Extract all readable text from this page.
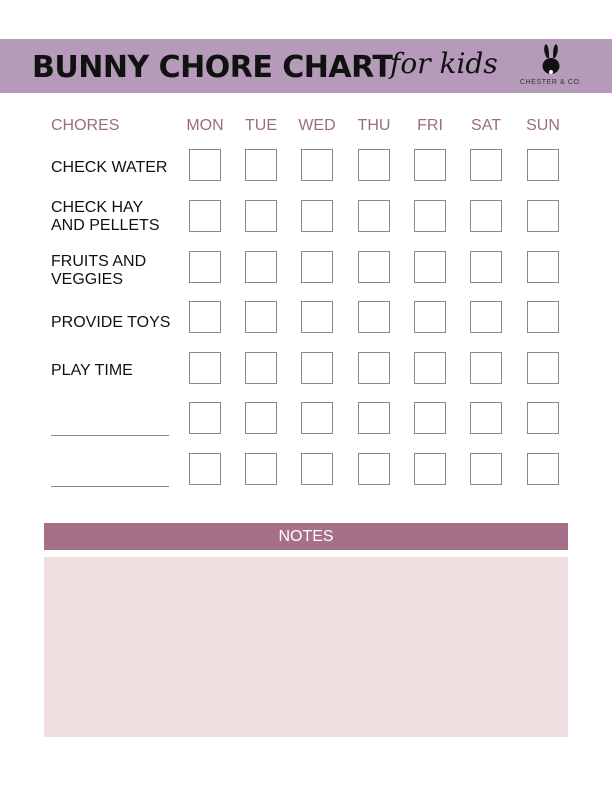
BUNNY CHORE CHART
for kids
CHESTER & CO.
CHORES	MON	TUE	WED	THU	FRI	SAT	SUN
CHECK WATER
CHECK HAY
AND PELLETS
FRUITS AND
VEGGIES
PROVIDE TOYS
PLAY TIME
NOTES
